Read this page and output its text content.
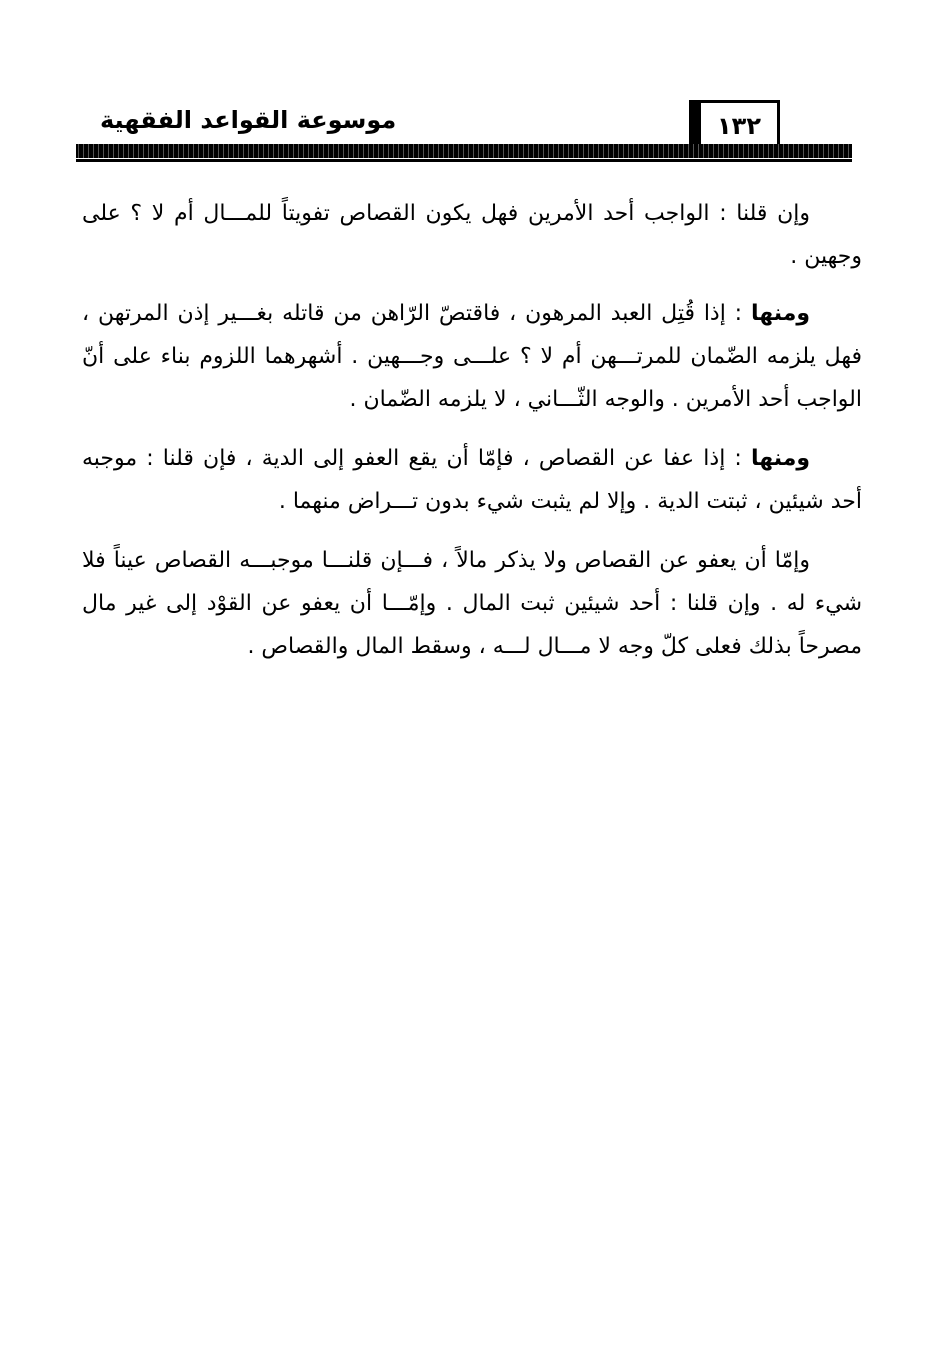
١٣٢
موسوعة القواعد الفقهية

وإن قلنا : الواجب أحد الأمرين فهل يكون القصاص تفويتاً للمـــال أم لا ؟ على وجهين .

ومنها : إذا قُتِل العبد المرهون ، فاقتصّ الرّاهن من قاتله بغـــير إذن المرتهن ، فهل يلزمه الضّمان للمرتـــهن أم لا ؟ علـــى وجـــهين . أشهرهما اللزوم بناء على أنّ الواجب أحد الأمرين . والوجه الثّـــاني ، لا يلزمه الضّمان .

ومنها : إذا عفا عن القصاص ، فإمّا أن يقع العفو إلى الدية ، فإن قلنا : موجبه أحد شيئين ، ثبتت الدية . وإلا لم يثبت شيء بدون تـــراض منهما .

وإمّا أن يعفو عن القصاص ولا يذكر مالاً ، فـــإن قلنـــا موجبـــه القصاص عيناً فلا شيء له . وإن قلنا : أحد شيئين ثبت المال . وإمّـــا أن يعفو عن القوْد إلى غير مال مصرحاً بذلك فعلى كلّ وجه لا مـــال لـــه ، وسقط المال والقصاص .
